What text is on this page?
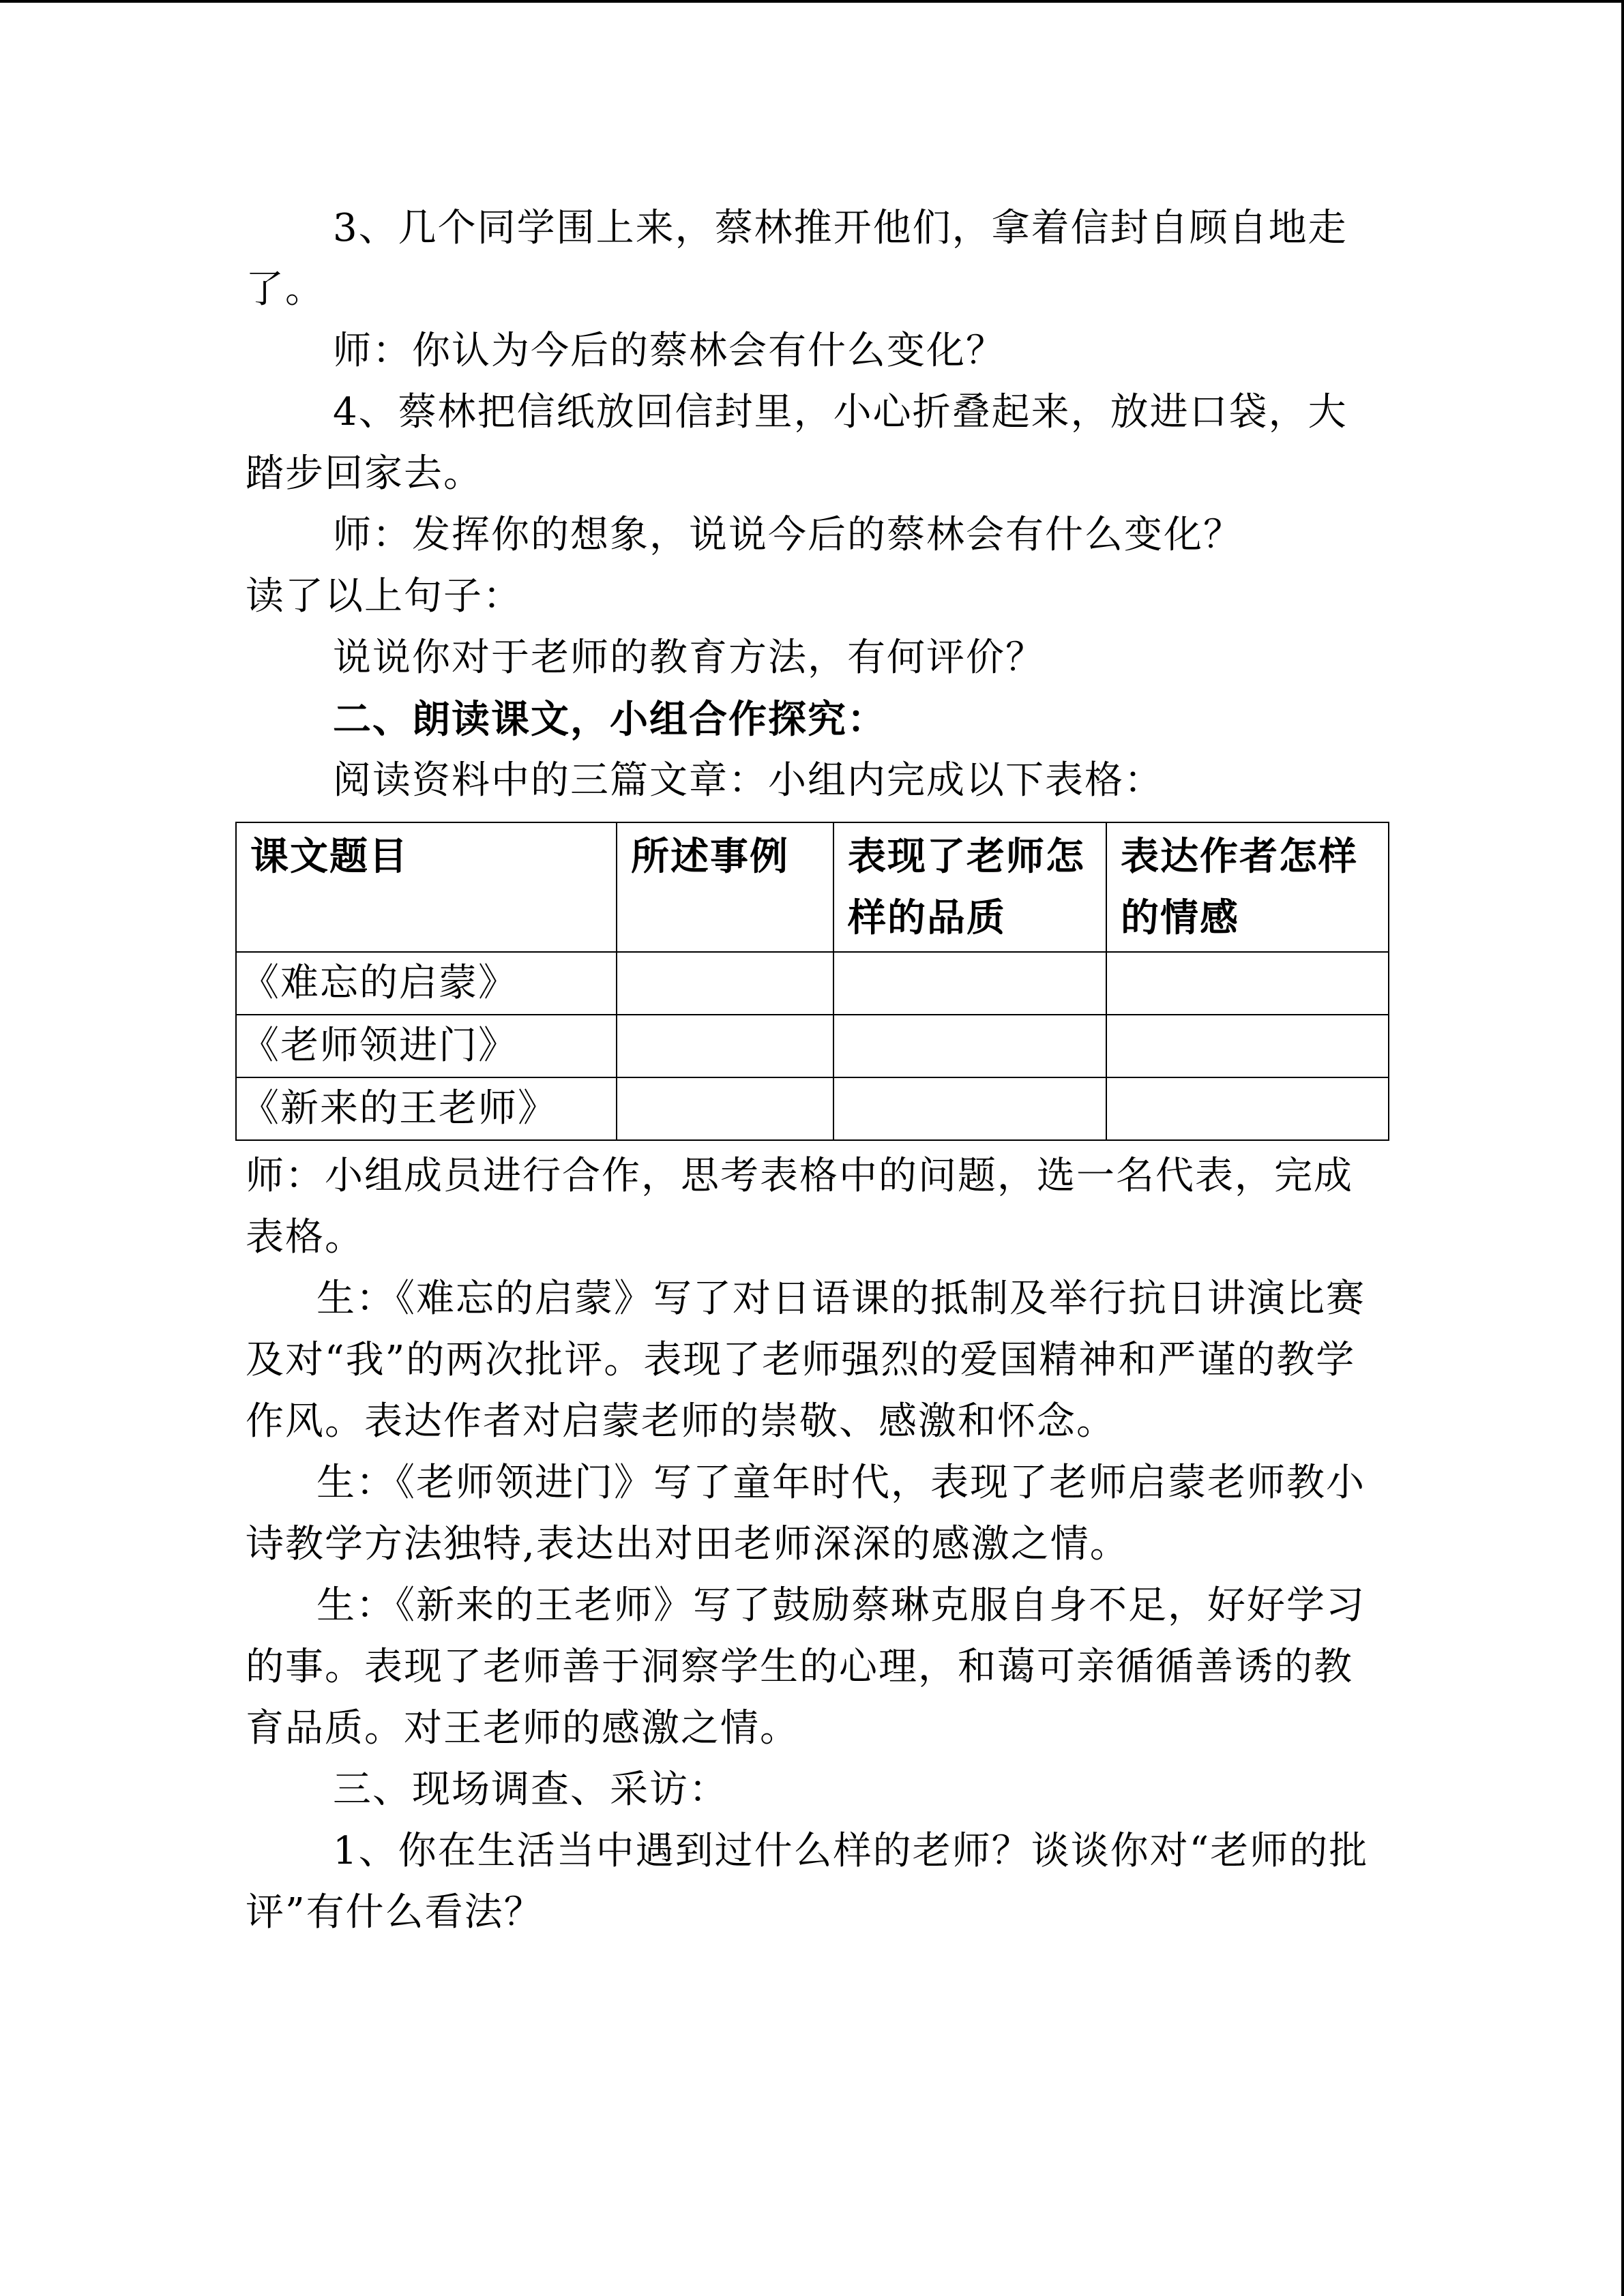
3、几个同学围上来，蔡林推开他们，拿着信封自顾自地走了。

师：你认为今后的蔡林会有什么变化？

4、蔡林把信纸放回信封里，小心折叠起来，放进口袋，大踏步回家去。

师：发挥你的想象，说说今后的蔡林会有什么变化？

读了以上句子：

说说你对于老师的教育方法，有何评价？

二、朗读课文，小组合作探究：

阅读资料中的三篇文章：小组内完成以下表格：

课文题目	所述事例	表现了老师怎样的品质	表达作者怎样的情感
《难忘的启蒙》			
《老师领进门》			
《新来的王老师》			

师：小组成员进行合作，思考表格中的问题，选一名代表，完成表格。

生：《难忘的启蒙》写了对日语课的抵制及举行抗日讲演比赛及对“我”的两次批评。表现了老师强烈的爱国精神和严谨的教学作风。表达作者对启蒙老师的崇敬、感激和怀念。

生：《老师领进门》写了童年时代，表现了老师启蒙老师教小诗教学方法独特,表达出对田老师深深的感激之情。

生：《新来的王老师》写了鼓励蔡琳克服自身不足，好好学习的事。表现了老师善于洞察学生的心理，和蔼可亲循循善诱的教育品质。对王老师的感激之情。

三、现场调查、采访：

1、你在生活当中遇到过什么样的老师？谈谈你对“老师的批评”有什么看法？
